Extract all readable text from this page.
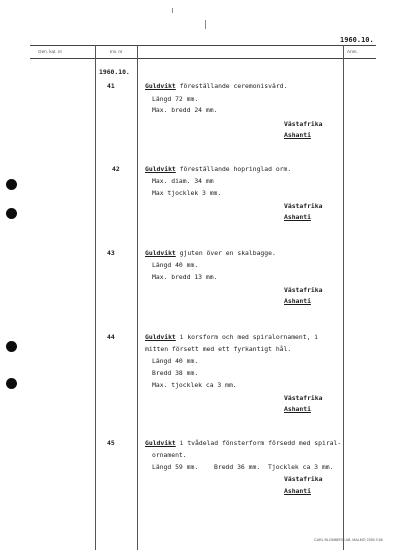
1960.10.
Gen. kat. nr	Inv. nr	Anm.
1960.10.
41	Guldvikt föreställande ceremonisvärd.
Längd 72 mm.
Max. bredd 24 mm.
Västafrika
Ashanti
42	Guldvikt föreställande hopringlad orm.
Max. diam. 34 mm
Max tjocklek 3 mm.
Västafrika
Ashanti
43	Guldvikt gjuten över en skalbagge.
Längd 40 mm.
Max. bredd 13 mm.
Västafrika
Ashanti
44	Guldvikt i korsform och med spiralornament, i
mitten försett med ett fyrkantigt hål.
Längd 40 mm.
Bredd 38 mm.
Max. tjocklek ca 3 mm.
Västafrika
Ashanti
45	Guldvikt i tvådelad fönsterform försedd med spiral-
ornament.
Längd 59 mm. Bredd 36 mm. Tjocklek ca 3 mm.
Västafrika
Ashanti
CARL BLOMBERG AB, MALMÖ 2289 3 68
